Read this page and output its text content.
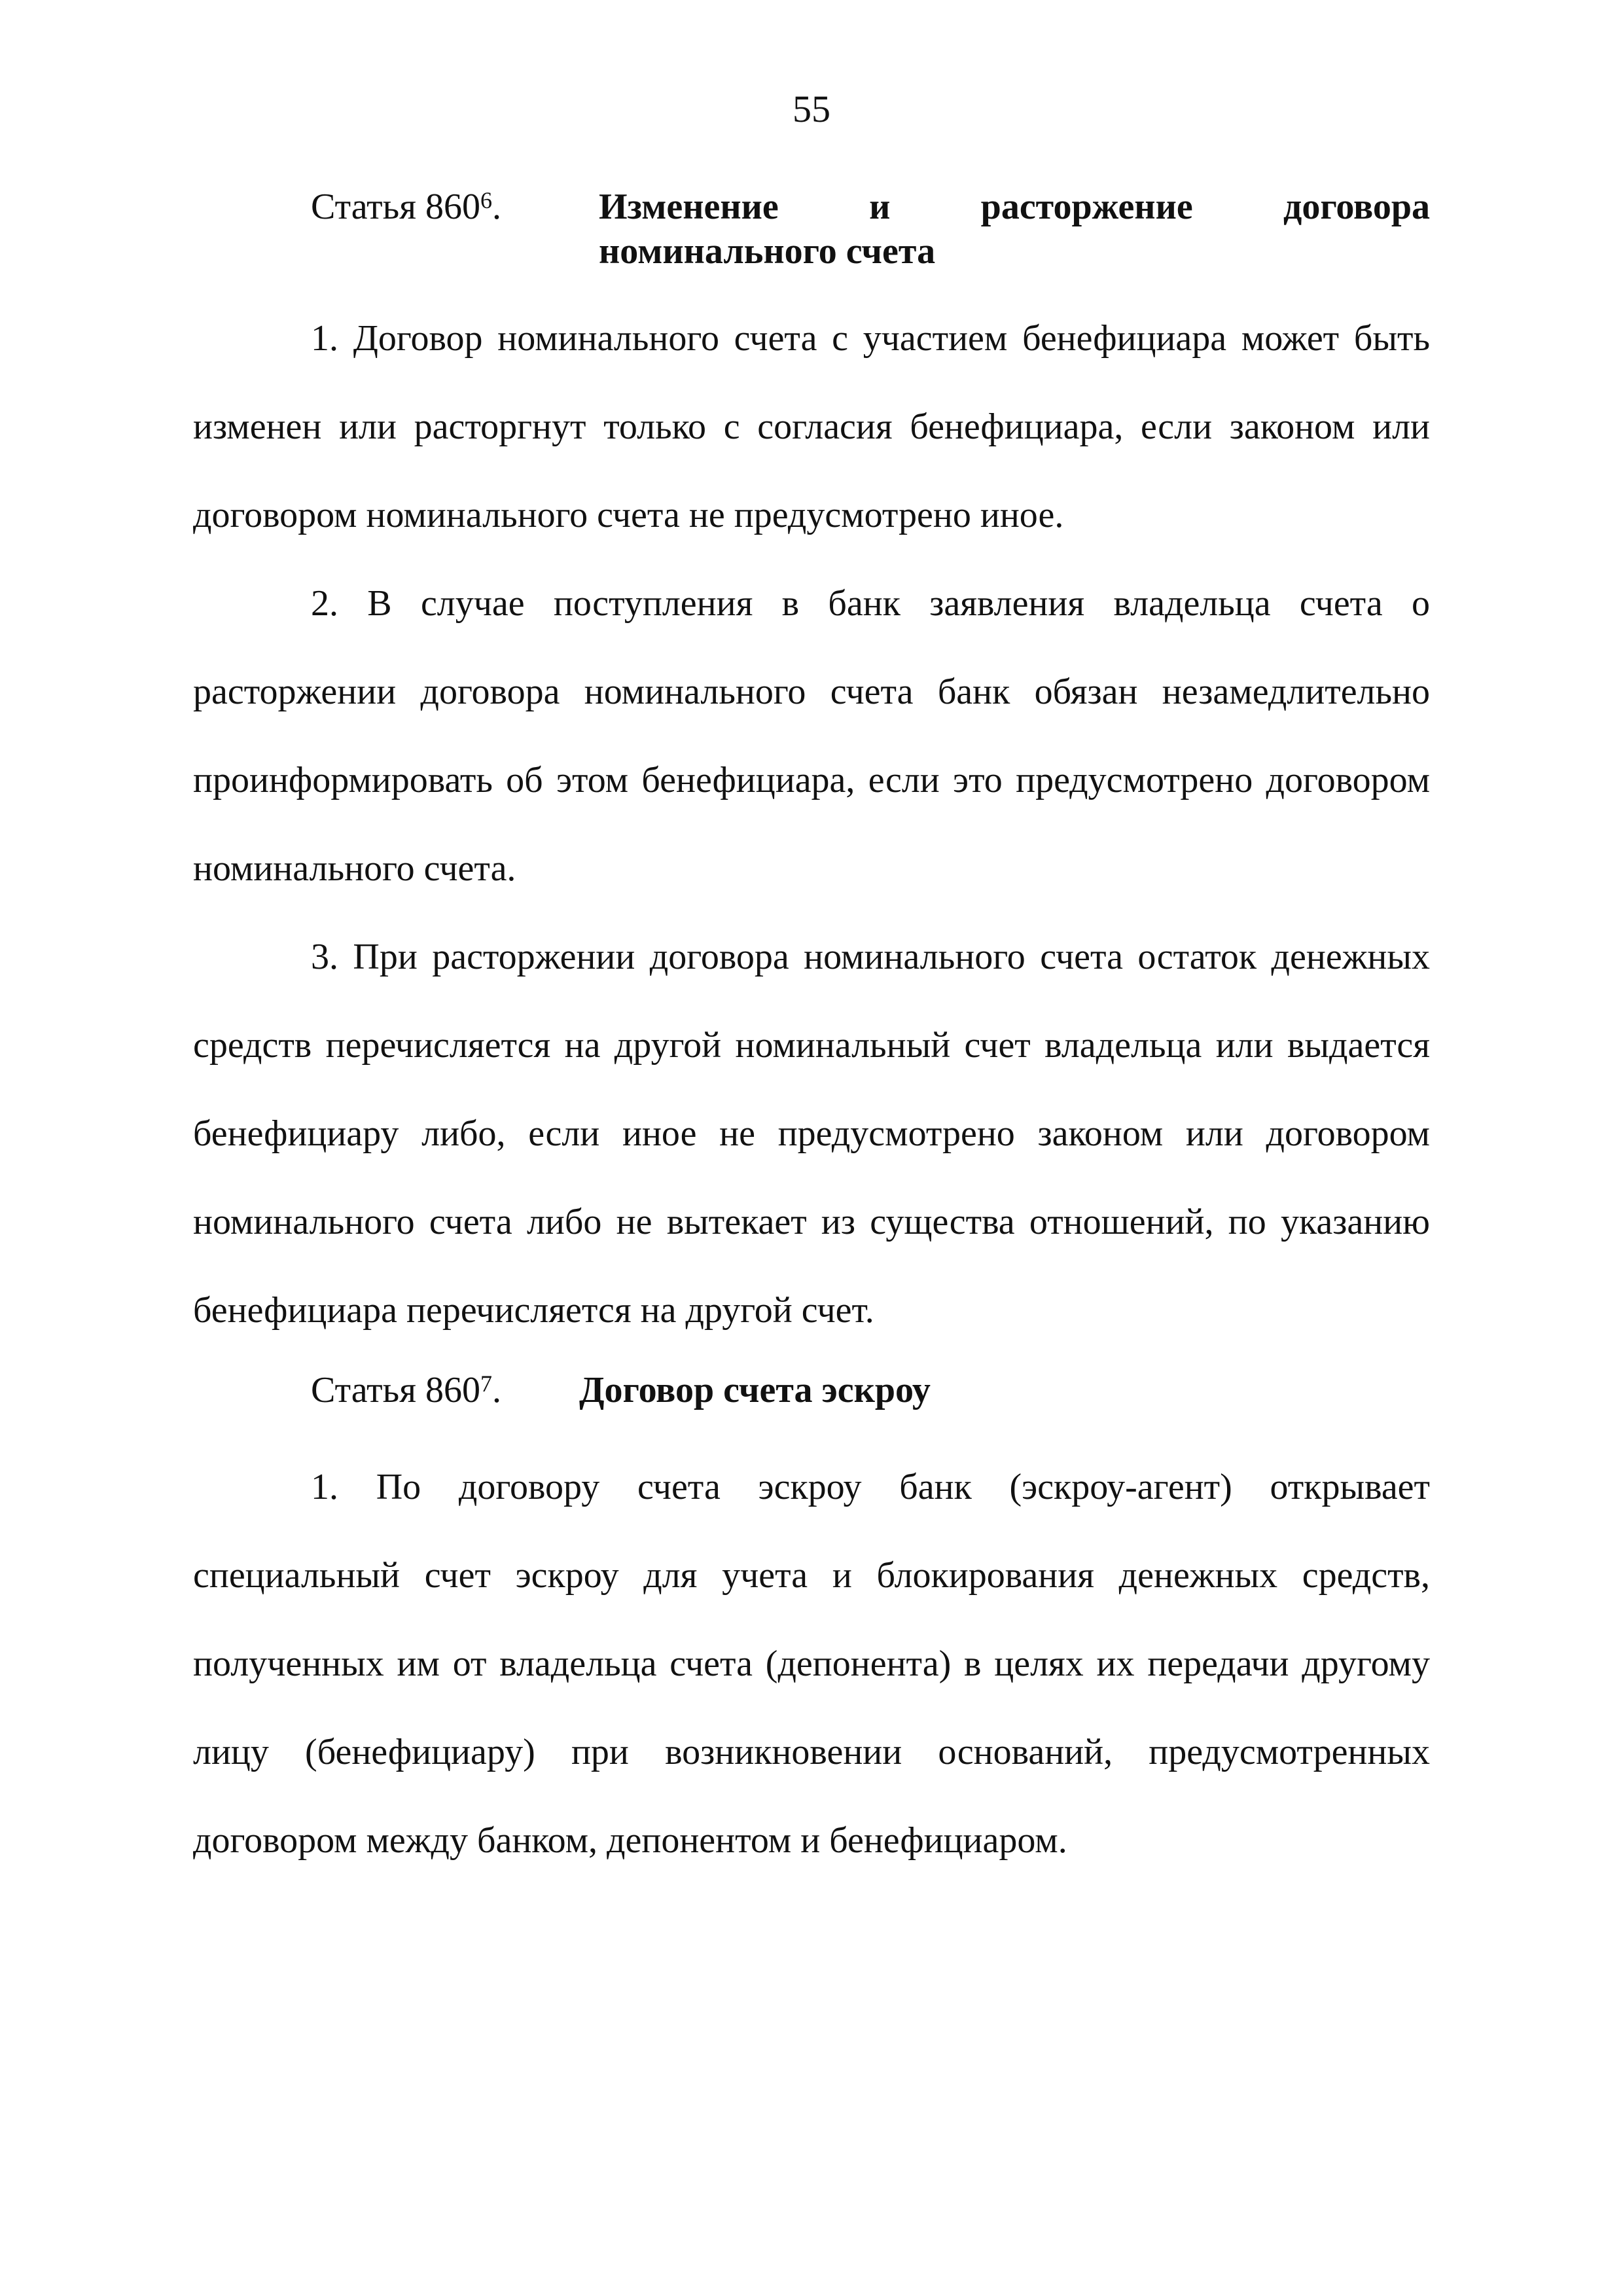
55
Статья $860^6$.	Изменение и расторжение договора
номинального счета

1. Договор номинального счета с участием бенефициара может быть изменен или расторгнут только с согласия бенефициара, если законом или договором номинального счета не предусмотрено иное.

2. В случае поступления в банк заявления владельца счета о расторжении договора номинального счета банк обязан незамедлительно проинформировать об этом бенефициара, если это предусмотрено договором номинального счета.

3. При расторжении договора номинального счета остаток денежных средств перечисляется на другой номинальный счет владельца или выдается бенефициару либо, если иное не предусмотрено законом или договором номинального счета либо не вытекает из существа отношений, по указанию бенефициара перечисляется на другой счет.

Статья $860^7$. Договор счета эскроу

1. По договору счета эскроу банк (эскроу-агент) открывает специальный счет эскроу для учета и блокирования денежных средств, полученных им от владельца счета (депонента) в целях их передачи другому лицу (бенефициару) при возникновении оснований, предусмотренных договором между банком, депонентом и бенефициаром.
